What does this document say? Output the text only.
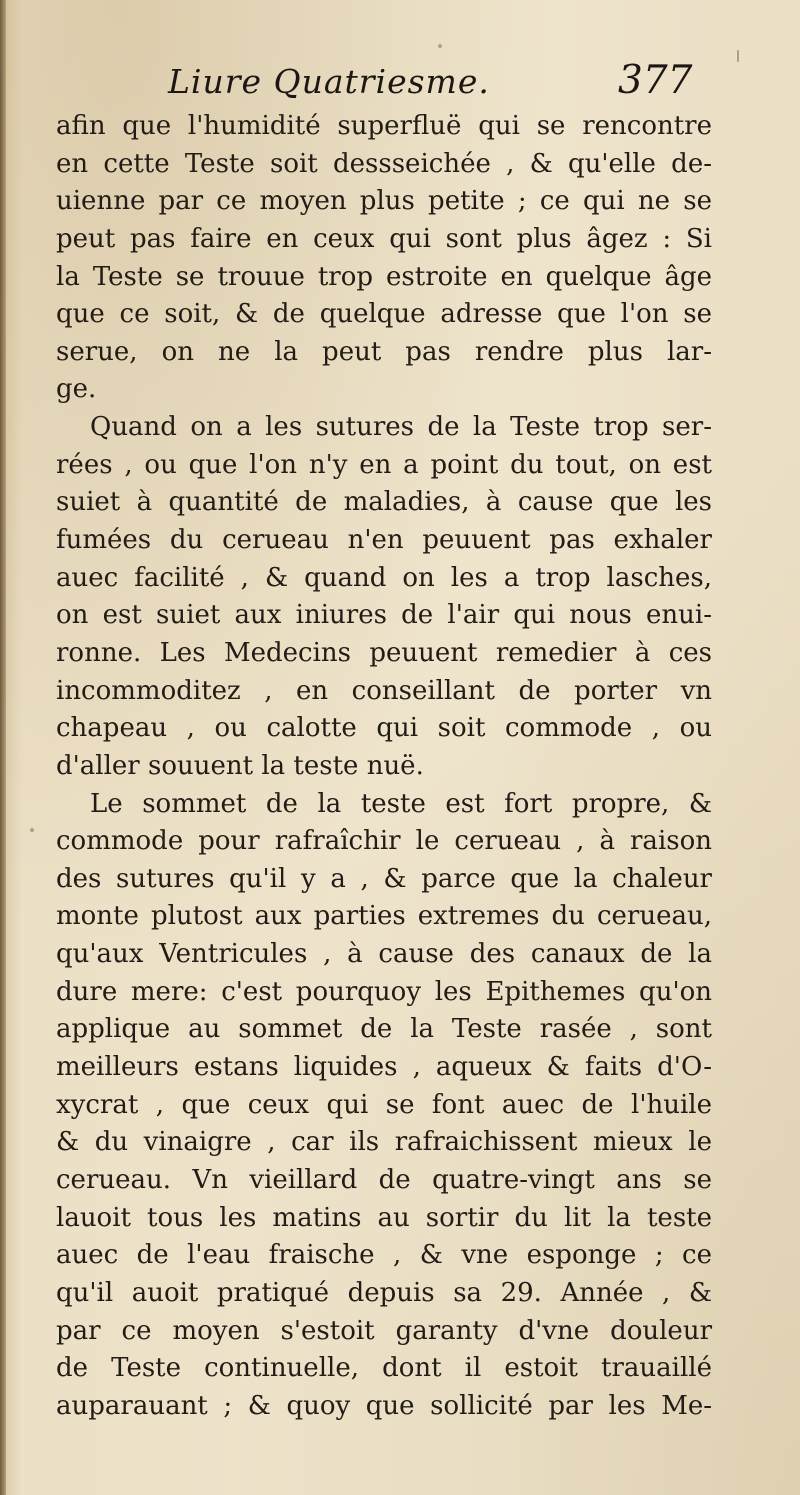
Liure Quatriesme.	377
afin que l'humidité superfluë qui se rencontre
en cette Teste soit dessseichée , & qu'elle de-
uienne par ce moyen plus petite ; ce qui ne se
peut pas faire en ceux qui sont plus âgez : Si
la Teste se trouue trop estroite en quelque âge
que ce soit, & de quelque adresse que l'on se
serue, on ne la peut pas rendre plus lar-
ge.
Quand on a les sutures de la Teste trop ser-
rées , ou que l'on n'y en a point du tout, on est
suiet à quantité de maladies, à cause que les
fumées du cerueau n'en peuuent pas exhaler
auec facilité , & quand on les a trop lasches,
on est suiet aux iniures de l'air qui nous enui-
ronne. Les Medecins peuuent remedier à ces
incommoditez , en conseillant de porter vn
chapeau , ou calotte qui soit commode , ou
d'aller souuent la teste nuë.
Le sommet de la teste est fort propre, &
commode pour rafraîchir le cerueau , à raison
des sutures qu'il y a , & parce que la chaleur
monte plutost aux parties extremes du cerueau,
qu'aux Ventricules , à cause des canaux de la
dure mere: c'est pourquoy les Epithemes qu'on
applique au sommet de la Teste rasée , sont
meilleurs estans liquides , aqueux & faits d'O-
xycrat , que ceux qui se font auec de l'huile
& du vinaigre , car ils rafraichissent mieux le
cerueau. Vn vieillard de quatre-vingt ans se
lauoit tous les matins au sortir du lit la teste
auec de l'eau fraische , & vne esponge ; ce
qu'il auoit pratiqué depuis sa 29. Année , &
par ce moyen s'estoit garanty d'vne douleur
de Teste continuelle, dont il estoit trauaillé
auparauant ; & quoy que sollicité par les Me-
